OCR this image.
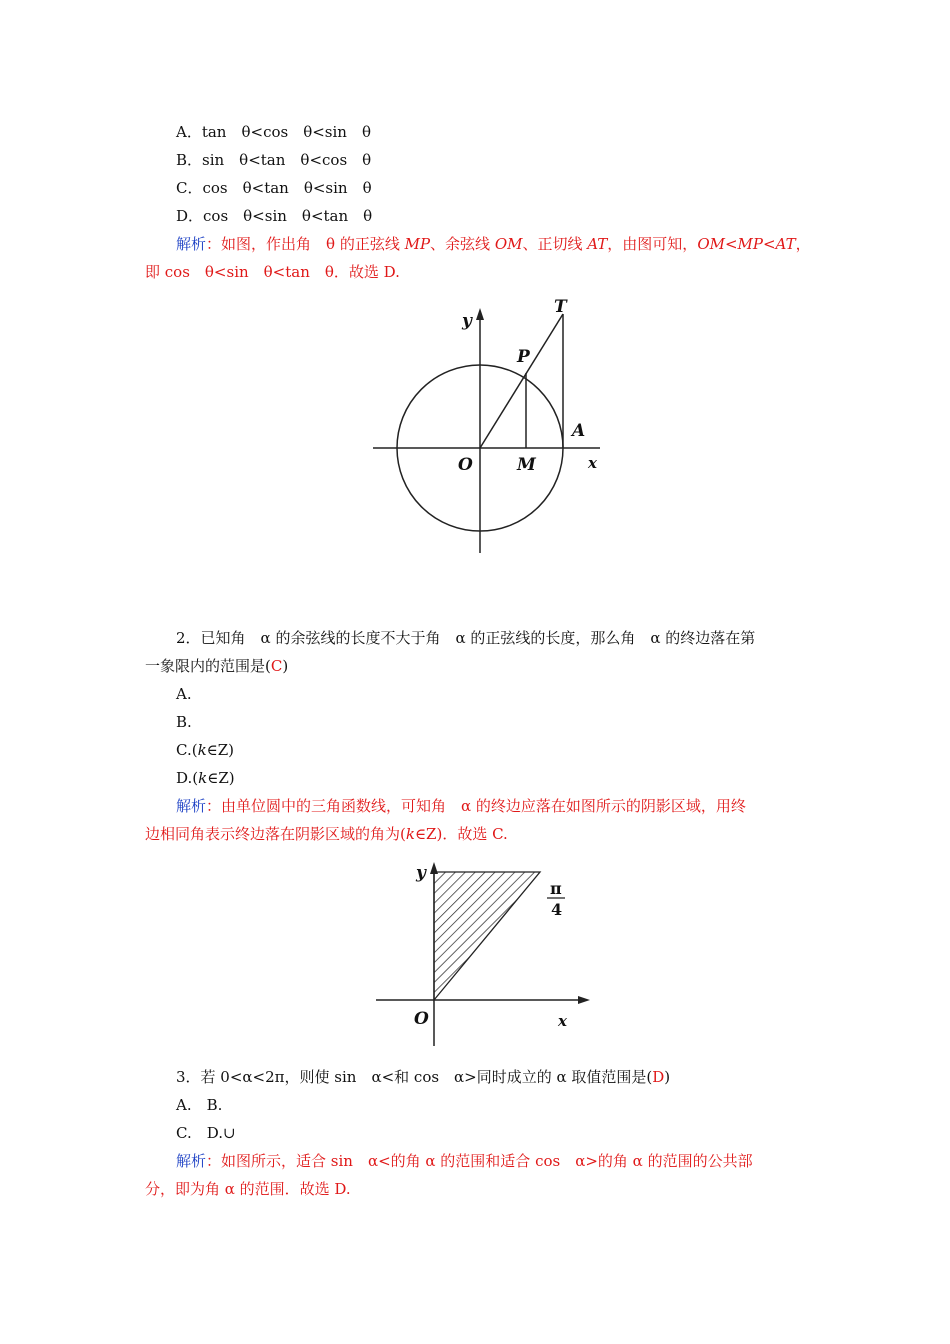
A．tan　θ<cos　θ<sin　θ
B．sin　θ<tan　θ<cos　θ
C．cos　θ<tan　θ<sin　θ
D．cos　θ<sin　θ<tan　θ
解析：如图，作出角　θ 的正弦线 MP、余弦线 OM、正切线 AT，由图可知，OM<MP<AT，
即 cos　θ<sin　θ<tan　θ．故选 D.
y
T
P
A
O	M	x
2．已知角　α 的余弦线的长度不大于角　α 的正弦线的长度，那么角　α 的终边落在第
一象限内的范围是(C)
A.
B.
C.(k∈Z)
D.(k∈Z)
解析：由单位圆中的三角函数线，可知角　α 的终边应落在如图所示的阴影区域，用终
边相同角表示终边落在阴影区域的角为(k∈Z)．故选 C.
y
π
4
O	x
3．若 0<α<2π，则使 sin　α<和 cos　α>同时成立的 α 取值范围是(D)
A.　B.
C.　D.∪
解析：如图所示，适合 sin　α<的角 α 的范围和适合 cos　α>的角 α 的范围的公共部
分，即为角 α 的范围．故选 D.
